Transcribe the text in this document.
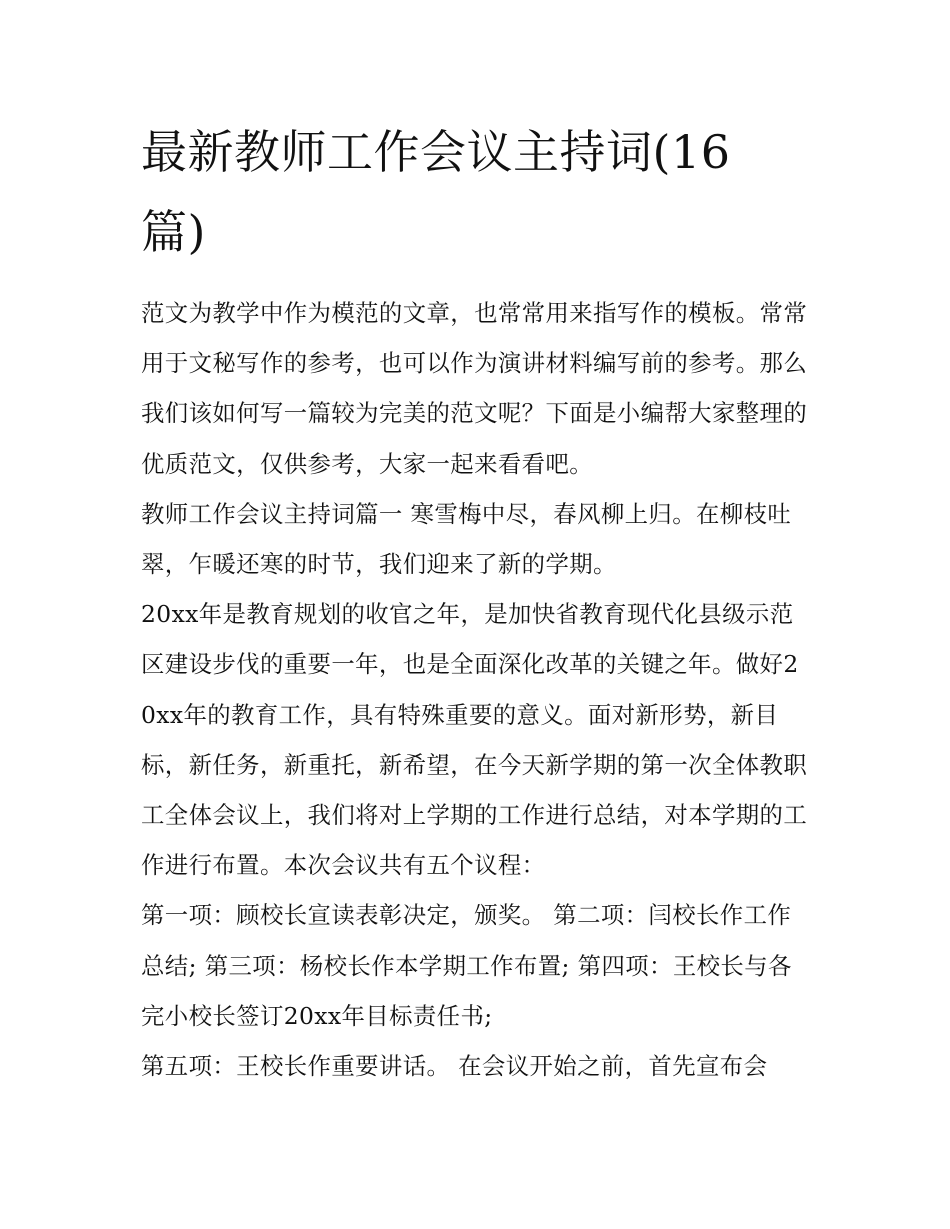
最新教师工作会议主持词(16篇)

范文为教学中作为模范的文章，也常常用来指写作的模板。常常用于文秘写作的参考，也可以作为演讲材料编写前的参考。那么我们该如何写一篇较为完美的范文呢？下面是小编帮大家整理的优质范文，仅供参考，大家一起来看看吧。

教师工作会议主持词篇一 寒雪梅中尽，春风柳上归。在柳枝吐翠，乍暖还寒的时节，我们迎来了新的学期。

20xx年是教育规划的收官之年，是加快省教育现代化县级示范区建设步伐的重要一年，也是全面深化改革的关键之年。做好20xx年的教育工作，具有特殊重要的意义。面对新形势，新目标，新任务，新重托，新希望，在今天新学期的第一次全体教职工全体会议上，我们将对上学期的工作进行总结，对本学期的工作进行布置。本次会议共有五个议程：

第一项：顾校长宣读表彰决定，颁奖。 第二项：闫校长作工作总结; 第三项：杨校长作本学期工作布置; 第四项：王校长与各完小校长签订20xx年目标责任书;

第五项：王校长作重要讲话。 在会议开始之前，首先宣布会
